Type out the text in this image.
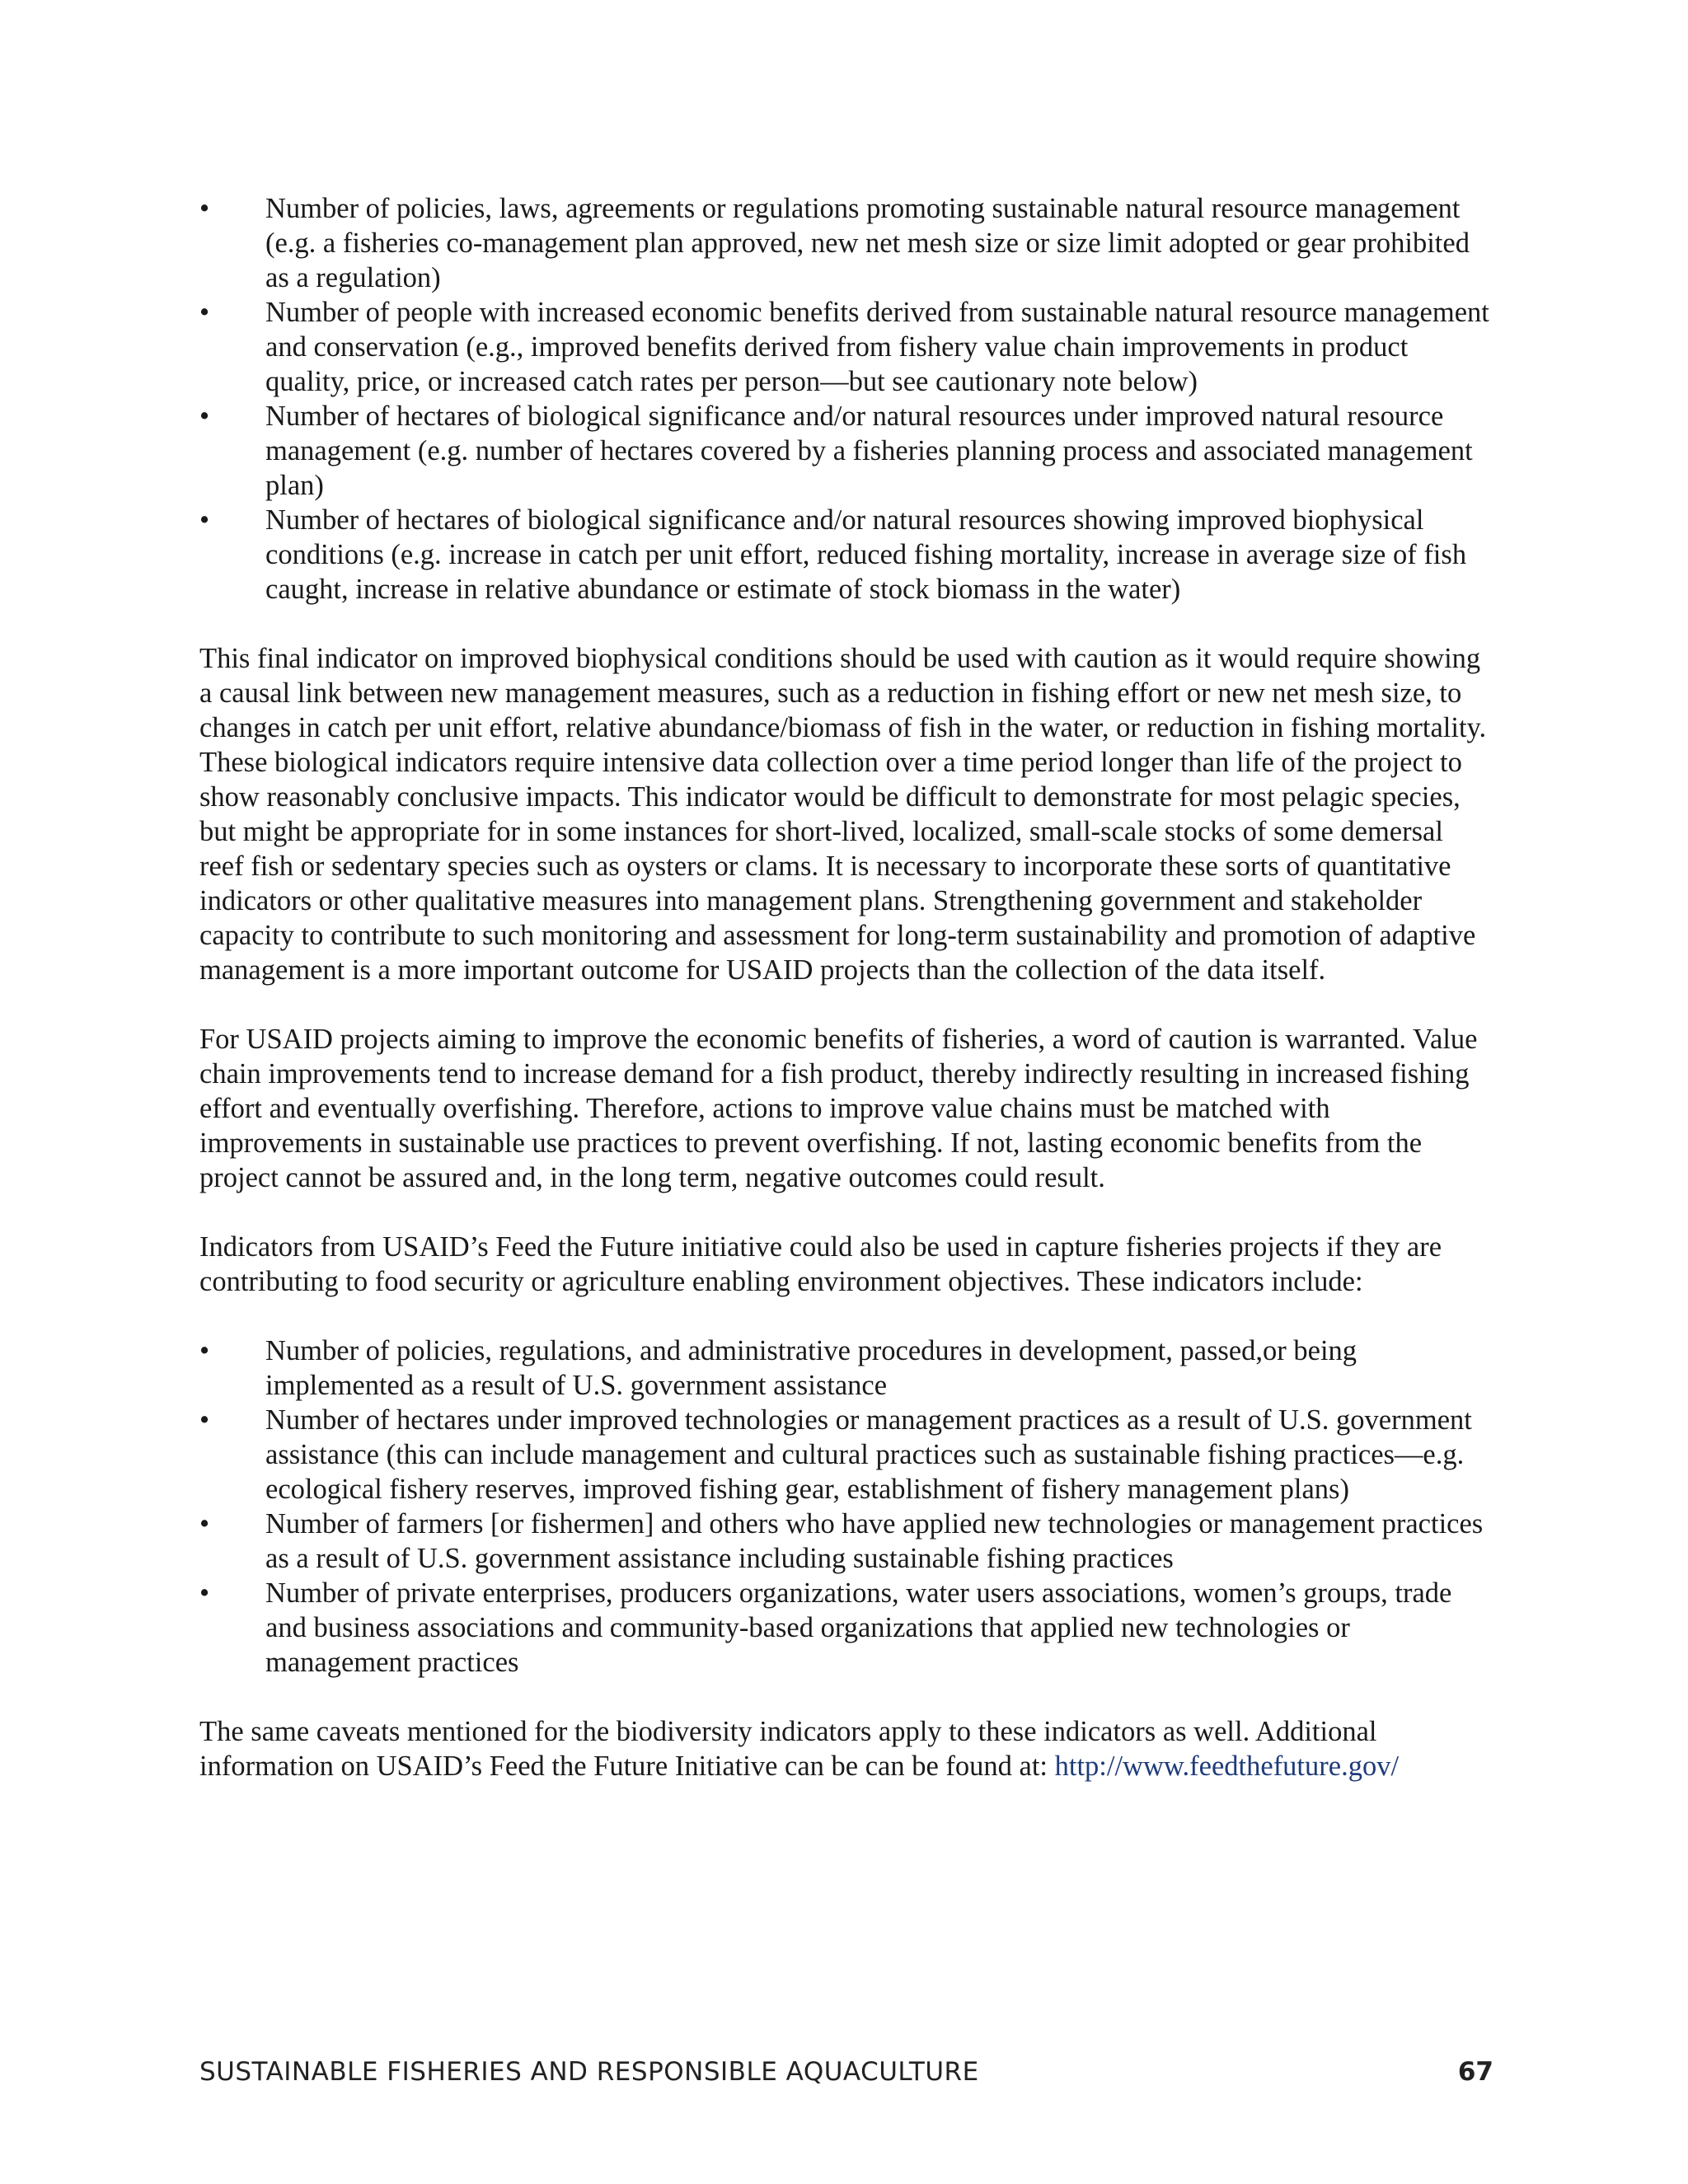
• Number of policies, laws, agreements or regulations promoting sustainable natural resource management (e.g. a fisheries co-management plan approved, new net mesh size or size limit adopted or gear prohibited as a regulation)
• Number of people with increased economic benefits derived from sustainable natural resource management and conservation (e.g., improved benefits derived from fishery value chain improvements in product quality, price, or increased catch rates per person—but see cautionary note below)
• Number of hectares of biological significance and/or natural resources under improved natural resource management (e.g. number of hectares covered by a fisheries planning process and associated management plan)
• Number of hectares of biological significance and/or natural resources showing improved biophysical conditions (e.g. increase in catch per unit effort, reduced fishing mortality, increase in average size of fish caught, increase in relative abundance or estimate of stock biomass in the water)

This final indicator on improved biophysical conditions should be used with caution as it would require showing a causal link between new management measures, such as a reduction in fishing effort or new net mesh size, to changes in catch per unit effort, relative abundance/biomass of fish in the water, or reduction in fishing mortality. These biological indicators require intensive data collection over a time period longer than life of the project to show reasonably conclusive impacts. This indicator would be difficult to demonstrate for most pelagic species, but might be appropriate for in some instances for short-lived, localized, small-scale stocks of some demersal reef fish or sedentary species such as oysters or clams. It is necessary to incorporate these sorts of quantitative indicators or other qualitative measures into management plans. Strengthening government and stakeholder capacity to contribute to such monitoring and assessment for long-term sustainability and promotion of adaptive management is a more important outcome for USAID projects than the collection of the data itself.

For USAID projects aiming to improve the economic benefits of fisheries, a word of caution is warranted. Value chain improvements tend to increase demand for a fish product, thereby indirectly resulting in increased fishing effort and eventually overfishing. Therefore, actions to improve value chains must be matched with improvements in sustainable use practices to prevent overfishing. If not, lasting economic benefits from the project cannot be assured and, in the long term, negative outcomes could result.

Indicators from USAID’s Feed the Future initiative could also be used in capture fisheries projects if they are contributing to food security or agriculture enabling environment objectives. These indicators include:

• Number of policies, regulations, and administrative procedures in development, passed,or being implemented as a result of U.S. government assistance
• Number of hectares under improved technologies or management practices as a result of U.S. government assistance (this can include management and cultural practices such as sustainable fishing practices—e.g. ecological fishery reserves, improved fishing gear, establishment of fishery management plans)
• Number of farmers [or fishermen] and others who have applied new technologies or management practices as a result of U.S. government assistance including sustainable fishing practices
• Number of private enterprises, producers organizations, water users associations, women’s groups, trade and business associations and community-based organizations that applied new technologies or management practices

The same caveats mentioned for the biodiversity indicators apply to these indicators as well. Additional information on USAID’s Feed the Future Initiative can be can be found at: http://www.feedthefuture.gov/

SUSTAINABLE FISHERIES AND RESPONSIBLE AQUACULTURE	67
